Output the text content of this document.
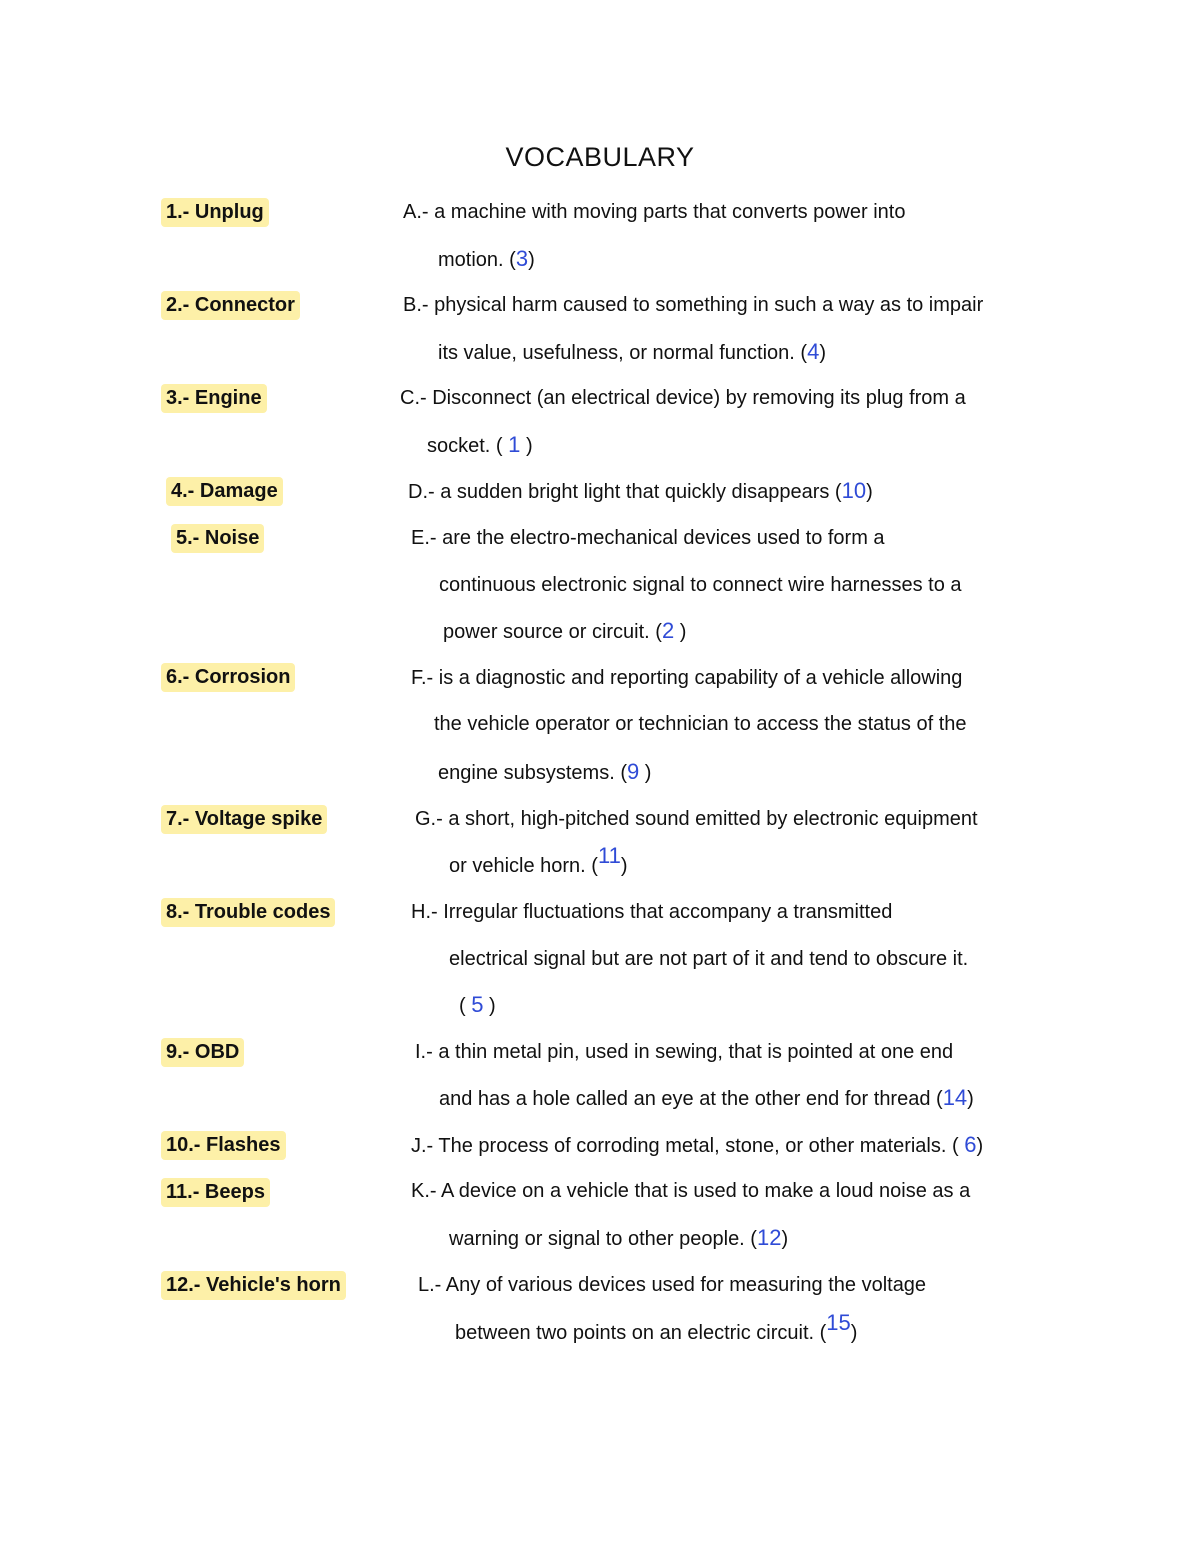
VOCABULARY
1.- Unplug
2.- Connector
3.- Engine
4.- Damage
5.- Noise
6.- Corrosion
7.- Voltage spike
8.- Trouble codes
9.- OBD
10.- Flashes
11.- Beeps
12.- Vehicle's horn
A.- a machine with moving parts that converts power into
motion. (3)
B.- physical harm caused to something in such a way as to impair
its value, usefulness, or normal function. (4)
C.- Disconnect (an electrical device) by removing its plug from a
socket. ( 1 )
D.- a sudden bright light that quickly disappears (10)
E.- are the electro-mechanical devices used to form a
continuous electronic signal to connect wire harnesses to a
power source or circuit. (2 )
F.- is a diagnostic and reporting capability of a vehicle allowing
the vehicle operator or technician to access the status of the
engine subsystems. (9 )
G.- a short, high-pitched sound emitted by electronic equipment
or vehicle horn. (11)
H.- Irregular fluctuations that accompany a transmitted
electrical signal but are not part of it and tend to obscure it.
( 5 )
I.- a thin metal pin, used in sewing, that is pointed at one end
and has a hole called an eye at the other end for thread (14)
J.- The process of corroding metal, stone, or other materials. ( 6)
K.- A device on a vehicle that is used to make a loud noise as a
warning or signal to other people. (12)
L.- Any of various devices used for measuring the voltage
between two points on an electric circuit. (15)
